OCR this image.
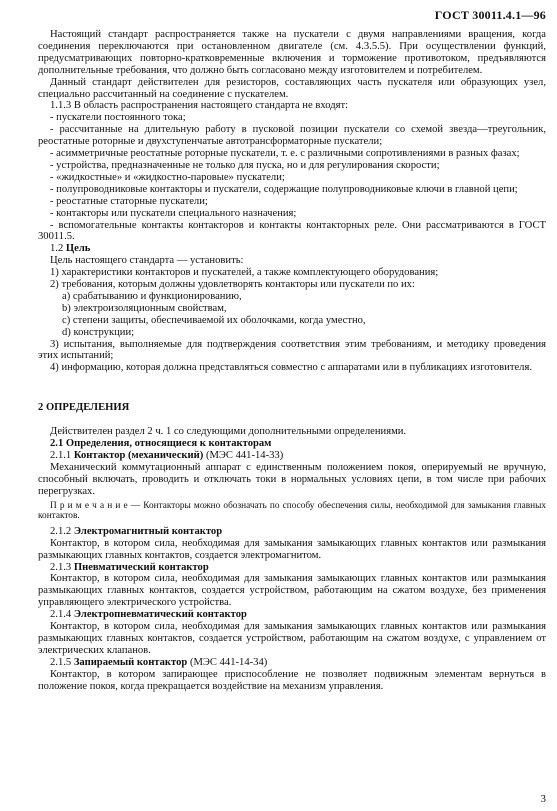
ГОСТ 30011.4.1—96

Настоящий стандарт распространяется также на пускатели с двумя направлениями вращения, когда соединения переключаются при остановленном двигателе (см. 4.3.5.5). При осуществлении функций, предусматривающих повторно-кратковременные включения и торможение противотоком, предъявляются дополнительные требования, что должно быть согласовано между изготовителем и потребителем.

Данный стандарт действителен для резисторов, составляющих часть пускателя или образующих узел, специально рассчитанный на соединение с пускателем.

1.1.3 В область распространения настоящего стандарта не входят:

- пускатели постоянного тока;

- рассчитанные на длительную работу в пусковой позиции пускатели со схемой звезда—треугольник, реостатные роторные и двухступенчатые автотрансформаторные пускатели;

- асимметричные реостатные роторные пускатели, т. е. с различными сопротивлениями в разных фазах;

- устройства, предназначенные не только для пуска, но и для регулирования скорости;

- «жидкостные» и «жидкостно-паровые» пускатели;

- полупроводниковые контакторы и пускатели, содержащие полупроводниковые ключи в главной цепи;

- реостатные статорные пускатели;

- контакторы или пускатели специального назначения;

- вспомогательные контакты контакторов и контакты контакторных реле. Они рассматриваются в ГОСТ 30011.5.

1.2 Цель

Цель настоящего стандарта — установить:

1) характеристики контакторов и пускателей, а также комплектующего оборудования;

2) требования, которым должны удовлетворять контакторы или пускатели по их:

a) срабатыванию и функционированию,

b) электроизоляционным свойствам,

c) степени защиты, обеспечиваемой их оболочками, когда уместно,

d) конструкции;

3) испытания, выполняемые для подтверждения соответствия этим требованиям, и методику проведения этих испытаний;

4) информацию, которая должна представляться совместно с аппаратами или в публикациях изготовителя.

2 ОПРЕДЕЛЕНИЯ

Действителен раздел 2 ч. 1 со следующими дополнительными определениями.

2.1 Определения, относящиеся к контакторам

2.1.1 Контактор (механический) (МЭС 441-14-33)

Механический коммутационный аппарат с единственным положением покоя, оперируемый не вручную, способный включать, проводить и отключать токи в нормальных условиях цепи, в том числе при рабочих перегрузках.

П р и м е ч а н и е — Контакторы можно обозначать по способу обеспечения силы, необходимой для замыкания главных контактов.

2.1.2 Электромагнитный контактор

Контактор, в котором сила, необходимая для замыкания замыкающих главных контактов или размыкания размыкающих главных контактов, создается электромагнитом.

2.1.3 Пневматический контактор

Контактор, в котором сила, необходимая для замыкания замыкающих главных контактов или размыкания размыкающих главных контактов, создается устройством, работающим на сжатом воздухе, без применения управляющего электрического устройства.

2.1.4 Электропневматический контактор

Контактор, в котором сила, необходимая для замыкания замыкающих главных контактов или размыкания размыкающих главных контактов, создается устройством, работающим на сжатом воздухе, с управлением от электрических клапанов.

2.1.5 Запираемый контактор (МЭС 441-14-34)

Контактор, в котором запирающее приспособление не позволяет подвижным элементам вернуться в положение покоя, когда прекращается воздействие на механизм управления.

3
